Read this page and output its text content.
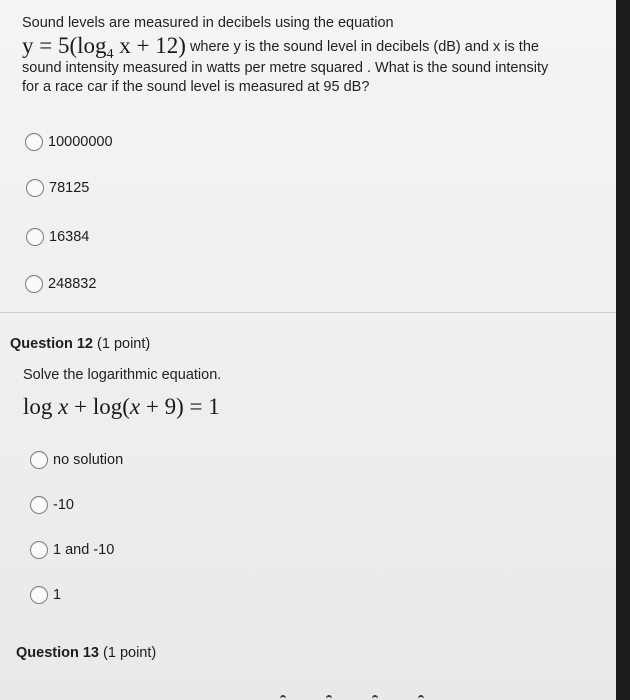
Sound levels are measured in decibels using the equation
$y = 5(\log_4$ x + 12) where y is the sound level in decibels (dB) and x is the
sound intensity measured in watts per metre squared . What is the sound intensity
for a race car if the sound level is measured at 95 dB?
10000000
78125
16384
248832
Question 12 (1 point)
Solve the logarithmic equation.
log x + log(x + 9) = 1
no solution
-10
1 and -10
1
Question 13 (1 point)
